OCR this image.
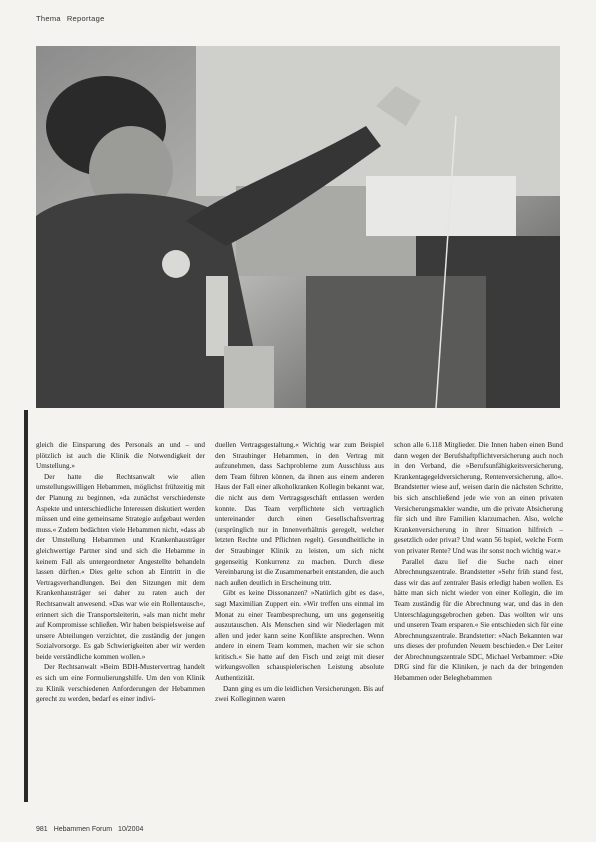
Thema Reportage

gleich die Einsparung des Personals an und – und plötzlich ist auch die Klinik die Notwendigkeit der Umstellung.»

Der hatte die Rechtsanwalt wie allen umstellungswilligen Hebammen, möglichst frühzeitig mit der Planung zu beginnen, »da zunächst verschiedenste Aspekte und unterschiedliche Interessen diskutiert werden müssen und eine gemeinsame Strategie aufgebaut werden muss.« Zudem bedächten viele Hebammen nicht, »dass ab der Umstellung Hebammen und Krankenhausträger gleichwertige Partner sind und sich die Hebamme in keinem Fall als untergeordneter Angestellte behandeln lassen dürften.« Dies gelte schon ab Eintritt in die Vertragsverhandlungen. Bei den Sitzungen mit dem Krankenhausträger sei daher zu raten auch der Rechtsanwalt anwesend. »Das war wie ein Rollentausch«, erinnert sich die Transportsleiterin, »als man nicht mehr auf Kompromisse schließen. Wir haben beispielsweise auf unsere Abteilungen verzichtet, die zuständig der jungen Sozialvorsorge. Es gab Schwierigkeiten aber wir werden beide verständliche kommen wollen.»

Der Rechtsanwalt »Beim BDH-Mustervertrag handelt es sich um eine Formulierungshilfe. Um den von Klinik zu Klinik verschiedenen Anforderungen der Hebammen gerecht zu werden, bedarf es einer indivi-

duellen Vertragsgestaltung.« Wichtig war zum Beispiel den Straubinger Hebammen, in den Vertrag mit aufzunehmen, dass Sachprobleme zum Ausschluss aus dem Team führen können, da ihnen aus einem anderen Haus der Fall einer alkoholkranken Kollegin bekannt war, die nicht aus dem Vertragsgeschäft entlassen werden konnte. Das Team verpflichtete sich vertraglich untereinander durch einen Gesellschaftsvertrag (ursprünglich nur in Innenverhältnis geregelt, welcher letzten Rechte und Pflichten regelt). Gesundheitliche in der Straubinger Klinik zu leisten, um sich nicht gegenseitig Konkurrenz zu machen. Durch diese Vereinbarung ist die Zusammenarbeit entstanden, die auch nach außen deutlich in Erscheinung tritt.

Gibt es keine Dissonanzen? »Natürlich gibt es das«, sagt Maximilian Zuppert ein. »Wir treffen uns einmal im Monat zu einer Teambesprechung, um uns gegenseitig auszutauschen. Als Menschen sind wir Niederlagen mit allen und jeder kann seine Konflikte ansprechen. Wenn andere in einem Team kommen, machen wir sie schon kritisch.« Sie hatte auf den Fisch und zeigt mit dieser wirkungsvollen schauspielerischen Leistung absolute Authentizität.

Dann ging es um die leidlichen Versicherungen. Bis auf zwei Kolleginnen waren

schon alle 6.118 Mitglieder. Die Innen haben einen Bund dann wegen der Berufshaftpflichtversicherung auch noch in den Verband, die »Berufsunfähigkeitsversicherung, Krankentagegeldversicherung, Rentenversicherung, allo«. Brandstetter wiese auf, weisen darin die nächsten Schritte, bis sich anschließend jede wie von an einen privaten Versicherungsmakler wandte, um die private Absicherung für sich und ihre Familien klarzumachen. Also, welche Krankenversicherung in ihrer Situation hilfreich – gesetzlich oder privat? Und wann 56 bspiel, welche Form von privater Rente? Und was ihr sonst noch wichtig war.»

Parallel dazu lief die Suche nach einer Abrechnungszentrale. Brandstetter »Sehr früh stand fest, dass wir das auf zentraler Basis erledigt haben wollen. Es hätte man sich nicht wieder von einer Kollegin, die im Team zuständig für die Abrechnung war, und das in den Unterschlagungsgebrochen geben. Das wollten wir uns und unseren Team ersparen.« Sie entschieden sich für eine Abrechnungszentrale. Brandstetter: »Nach Bekannten war uns dieses der profunden Neuem beschieden.« Der Leiter der Abrechnungszentrale SDC, Michael Verbammer: »Die DRG sind für die Kliniken, je nach da der bringenden Hebammen oder Beleghebammen

981 Hebammen Forum 10/2004
